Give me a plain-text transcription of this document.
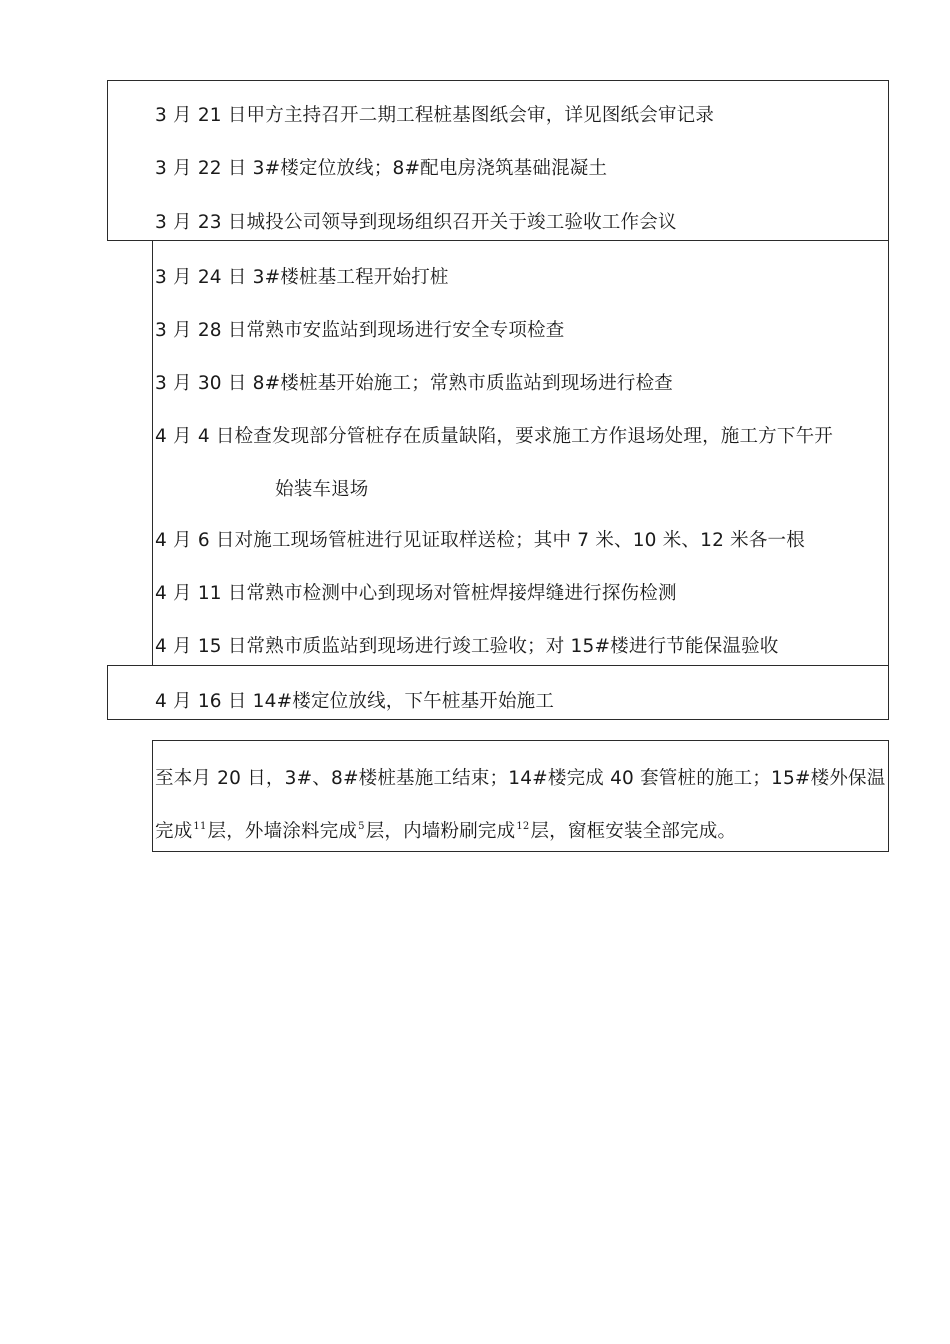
3 月 21 日甲方主持召开二期工程桩基图纸会审，详见图纸会审记录
3 月 22 日 3#楼定位放线；8#配电房浇筑基础混凝土
3 月 23 日城投公司领导到现场组织召开关于竣工验收工作会议
3 月 24 日 3#楼桩基工程开始打桩
3 月 28 日常熟市安监站到现场进行安全专项检查
3 月 30 日 8#楼桩基开始施工；常熟市质监站到现场进行检查
4 月 4 日检查发现部分管桩存在质量缺陷，要求施工方作退场处理，施工方下午开
始装车退场
4 月 6 日对施工现场管桩进行见证取样送检；其中 7 米、10 米、12 米各一根
4 月 11 日常熟市检测中心到现场对管桩焊接焊缝进行探伤检测
4 月 15 日常熟市质监站到现场进行竣工验收；对 15#楼进行节能保温验收
4 月 16 日 14#楼定位放线，下午桩基开始施工
至本月 20 日，3#、8#楼桩基施工结束；14#楼完成 40 套管桩的施工；15#楼外保温
完成$^{11}$层，外墙涂料完成$^5$层，内墙粉刷完成$^{12}$层，窗框安装全部完成。
